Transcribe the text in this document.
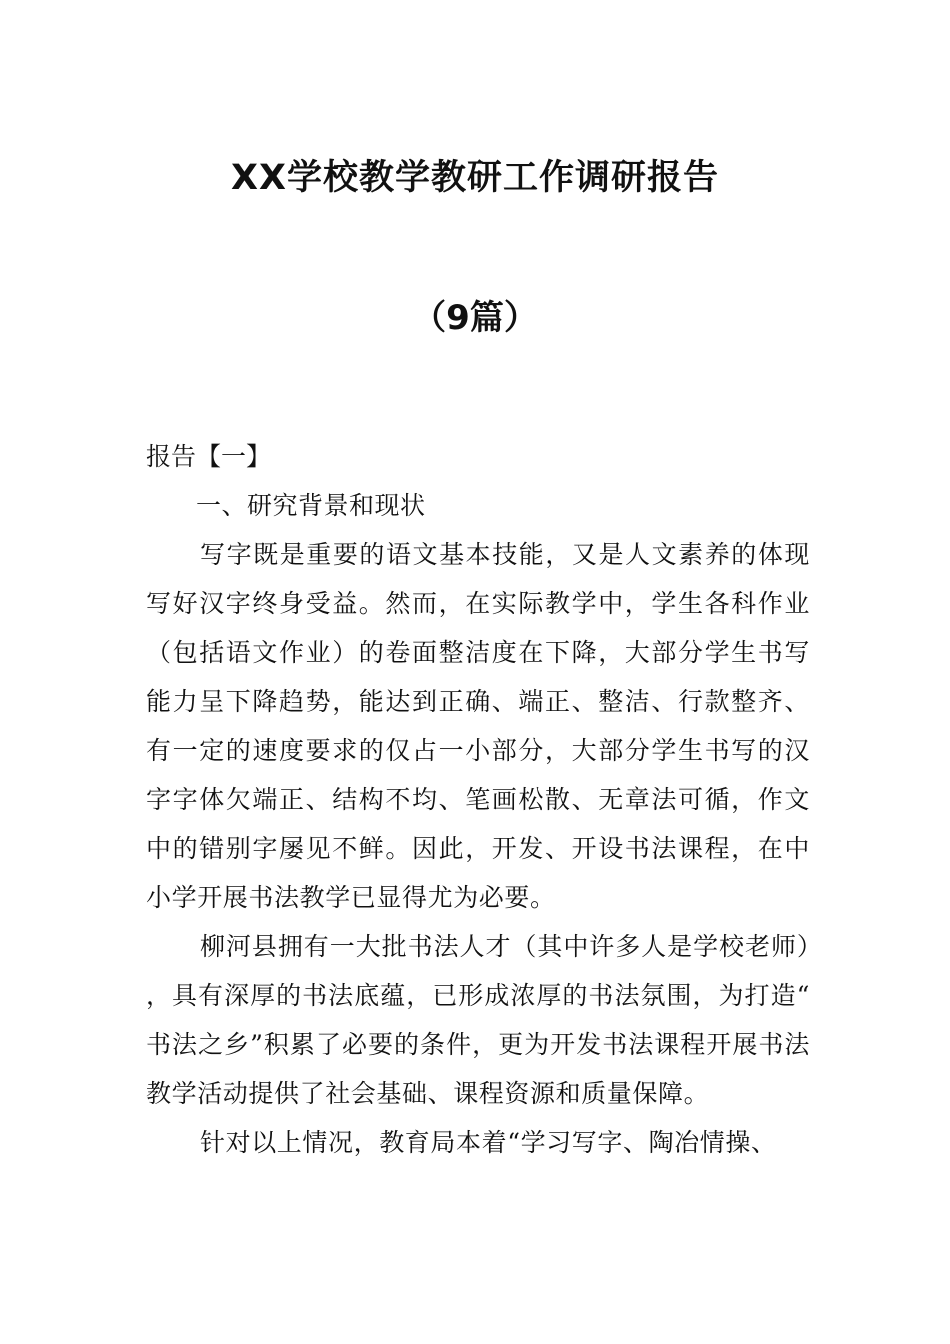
XX学校教学教研工作调研报告
（9篇）

报告【一】

一、研究背景和现状

写字既是重要的语文基本技能，又是人文素养的体现写好汉字终身受益。然而，在实际教学中，学生各科作业（包括语文作业）的卷面整洁度在下降，大部分学生书写能力呈下降趋势，能达到正确、端正、整洁、行款整齐、有一定的速度要求的仅占一小部分，大部分学生书写的汉字字体欠端正、结构不均、笔画松散、无章法可循，作文中的错别字屡见不鲜。因此，开发、开设书法课程，在中小学开展书法教学已显得尤为必要。

柳河县拥有一大批书法人才（其中许多人是学校老师），具有深厚的书法底蕴，已形成浓厚的书法氛围，为打造“书法之乡”积累了必要的条件，更为开发书法课程开展书法教学活动提供了社会基础、课程资源和质量保障。

针对以上情况，教育局本着“学习写字、陶冶情操、
